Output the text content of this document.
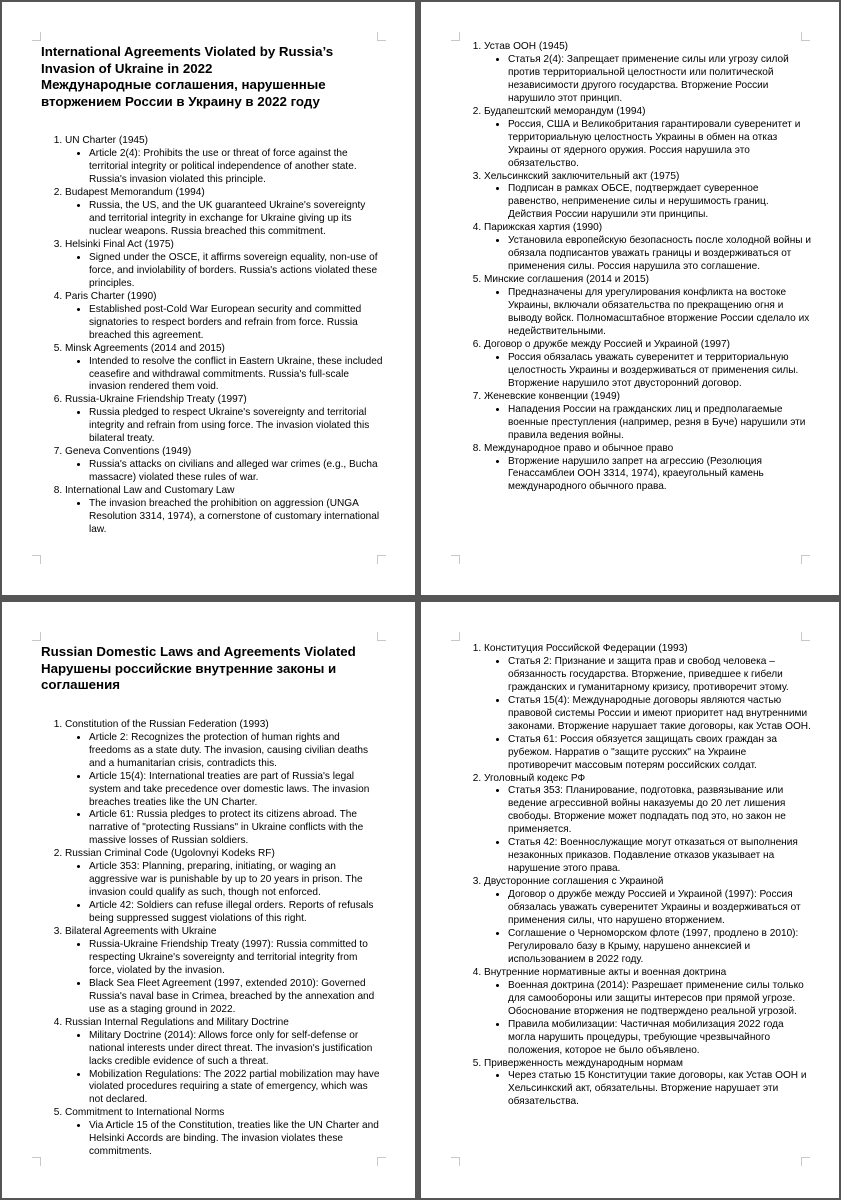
International Agreements Violated by Russia’s Invasion of Ukraine in 2022
Международные соглашения, нарушенные вторжением России в Украину в 2022 году
1. UN Charter (1945)
• Article 2(4): Prohibits the use or threat of force against the territorial integrity or political independence of another state. Russia's invasion violated this principle.
2. Budapest Memorandum (1994)
• Russia, the US, and the UK guaranteed Ukraine's sovereignty and territorial integrity in exchange for Ukraine giving up its nuclear weapons. Russia breached this commitment.
3. Helsinki Final Act (1975)
• Signed under the OSCE, it affirms sovereign equality, non-use of force, and inviolability of borders. Russia's actions violated these principles.
4. Paris Charter (1990)
• Established post-Cold War European security and committed signatories to respect borders and refrain from force. Russia breached this agreement.
5. Minsk Agreements (2014 and 2015)
• Intended to resolve the conflict in Eastern Ukraine, these included ceasefire and withdrawal commitments. Russia's full-scale invasion rendered them void.
6. Russia-Ukraine Friendship Treaty (1997)
• Russia pledged to respect Ukraine's sovereignty and territorial integrity and refrain from using force. The invasion violated this bilateral treaty.
7. Geneva Conventions (1949)
• Russia's attacks on civilians and alleged war crimes (e.g., Bucha massacre) violated these rules of war.
8. International Law and Customary Law
• The invasion breached the prohibition on aggression (UNGA Resolution 3314, 1974), a cornerstone of customary international law.
1. Устав ООН (1945)
• Статья 2(4): Запрещает применение силы или угрозу силой против территориальной целостности или политической независимости другого государства. Вторжение России нарушило этот принцип.
2. Будапештский меморандум (1994)
• Россия, США и Великобритания гарантировали суверенитет и территориальную целостность Украины в обмен на отказ Украины от ядерного оружия. Россия нарушила это обязательство.
3. Хельсинкский заключительный акт (1975)
• Подписан в рамках ОБСЕ, подтверждает суверенное равенство, неприменение силы и нерушимость границ. Действия России нарушили эти принципы.
4. Парижская хартия (1990)
• Установила европейскую безопасность после холодной войны и обязала подписантов уважать границы и воздерживаться от применения силы. Россия нарушила это соглашение.
5. Минские соглашения (2014 и 2015)
• Предназначены для урегулирования конфликта на востоке Украины, включали обязательства по прекращению огня и выводу войск. Полномасштабное вторжение России сделало их недействительными.
6. Договор о дружбе между Россией и Украиной (1997)
• Россия обязалась уважать суверенитет и территориальную целостность Украины и воздерживаться от применения силы. Вторжение нарушило этот двусторонний договор.
7. Женевские конвенции (1949)
• Нападения России на гражданских лиц и предполагаемые военные преступления (например, резня в Буче) нарушили эти правила ведения войны.
8. Международное право и обычное право
• Вторжение нарушило запрет на агрессию (Резолюция Генассамблеи ООН 3314, 1974), краеугольный камень международного обычного права.
Russian Domestic Laws and Agreements Violated
Нарушены российские внутренние законы и соглашения
1. Constitution of the Russian Federation (1993)
• Article 2: Recognizes the protection of human rights and freedoms as a state duty. The invasion, causing civilian deaths and a humanitarian crisis, contradicts this.
• Article 15(4): International treaties are part of Russia's legal system and take precedence over domestic laws. The invasion breaches treaties like the UN Charter.
• Article 61: Russia pledges to protect its citizens abroad. The narrative of "protecting Russians" in Ukraine conflicts with the massive losses of Russian soldiers.
2. Russian Criminal Code (Ugolovnyi Kodeks RF)
• Article 353: Planning, preparing, initiating, or waging an aggressive war is punishable by up to 20 years in prison. The invasion could qualify as such, though not enforced.
• Article 42: Soldiers can refuse illegal orders. Reports of refusals being suppressed suggest violations of this right.
3. Bilateral Agreements with Ukraine
• Russia-Ukraine Friendship Treaty (1997): Russia committed to respecting Ukraine's sovereignty and territorial integrity from force, violated by the invasion.
• Black Sea Fleet Agreement (1997, extended 2010): Governed Russia's naval base in Crimea, breached by the annexation and use as a staging ground in 2022.
4. Russian Internal Regulations and Military Doctrine
• Military Doctrine (2014): Allows force only for self-defense or national interests under direct threat. The invasion's justification lacks credible evidence of such a threat.
• Mobilization Regulations: The 2022 partial mobilization may have violated procedures requiring a state of emergency, which was not declared.
5. Commitment to International Norms
• Via Article 15 of the Constitution, treaties like the UN Charter and Helsinki Accords are binding. The invasion violates these commitments.
1. Конституция Российской Федерации (1993)
• Статья 2: Признание и защита прав и свобод человека – обязанность государства. Вторжение, приведшее к гибели гражданских и гуманитарному кризису, противоречит этому.
• Статья 15(4): Международные договоры являются частью правовой системы России и имеют приоритет над внутренними законами. Вторжение нарушает такие договоры, как Устав ООН.
• Статья 61: Россия обязуется защищать своих граждан за рубежом. Нарратив о "защите русских" на Украине противоречит массовым потерям российских солдат.
2. Уголовный кодекс РФ
• Статья 353: Планирование, подготовка, развязывание или ведение агрессивной войны наказуемы до 20 лет лишения свободы. Вторжение может подпадать под это, но закон не применяется.
• Статья 42: Военнослужащие могут отказаться от выполнения незаконных приказов. Подавление отказов указывает на нарушение этого права.
3. Двусторонние соглашения с Украиной
• Договор о дружбе между Россией и Украиной (1997): Россия обязалась уважать суверенитет Украины и воздерживаться от применения силы, что нарушено вторжением.
• Соглашение о Черноморском флоте (1997, продлено в 2010): Регулировало базу в Крыму, нарушено аннексией и использованием в 2022 году.
4. Внутренние нормативные акты и военная доктрина
• Военная доктрина (2014): Разрешает применение силы только для самообороны или защиты интересов при прямой угрозе. Обоснование вторжения не подтверждено реальной угрозой.
• Правила мобилизации: Частичная мобилизация 2022 года могла нарушить процедуры, требующие чрезвычайного положения, которое не было объявлено.
5. Приверженность международным нормам
• Через статью 15 Конституции такие договоры, как Устав ООН и Хельсинкский акт, обязательны. Вторжение нарушает эти обязательства.
